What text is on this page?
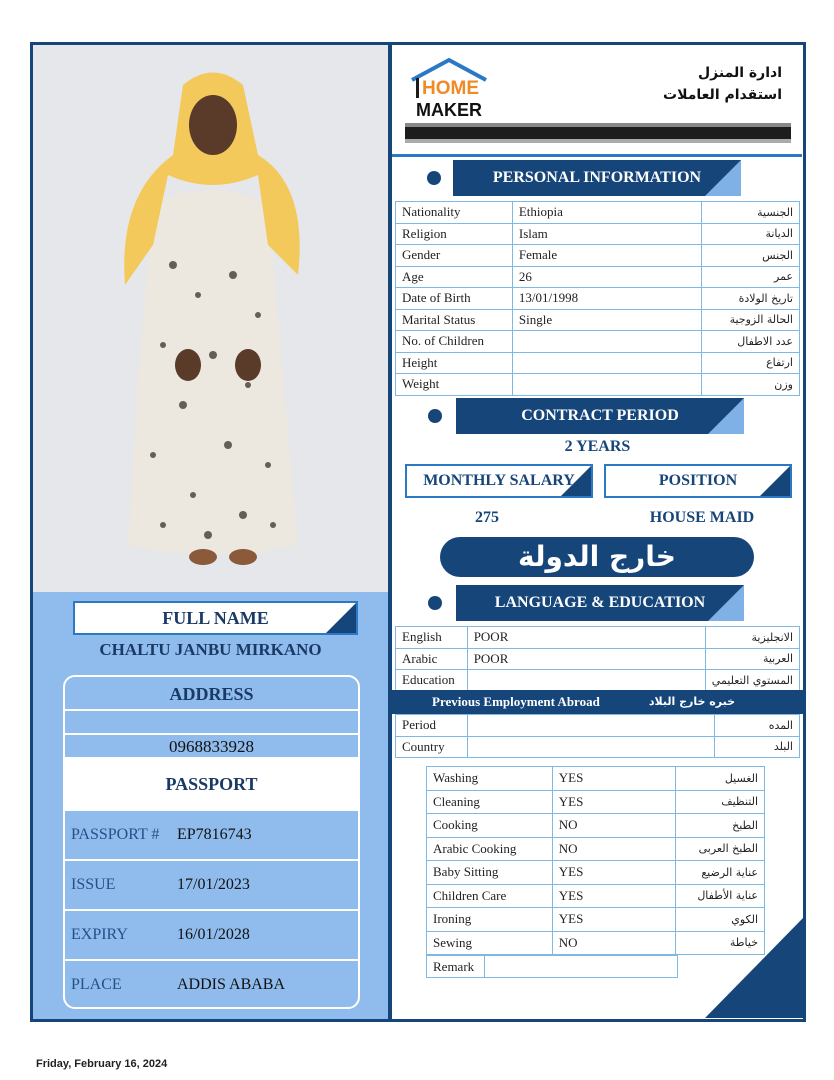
FULL NAME
CHALTU JANBU MIRKANO
ADDRESS
0968833928
PASSPORT
PASSPORT #	EP7816743
ISSUE	17/01/2023
EXPIRY	16/01/2028
PLACE	ADDIS ABABA
HOME
MAKER
ادارة المنزل
استقدام العاملات
PERSONAL INFORMATION
Nationality	Ethiopia	الجنسية
Religion	Islam	الديانة
Gender	Female	الجنس
Age	26	عمر
Date of Birth	13/01/1998	تاريخ الولادة
Marital Status	Single	الحالة الزوجية
No. of Children		عدد الاطفال
Height		ارتفاع
Weight		وزن
CONTRACT PERIOD
2 YEARS
MONTHLY SALARY	POSITION
275	HOUSE MAID
خارج الدولة
LANGUAGE & EDUCATION
English	POOR	الانجليزية
Arabic	POOR	العربية
Education		المستوي التعليمي
Previous Employment Abroad	خبره خارج البلاد
Period		المده
Country		البلد
Washing	YES	الغسيل
Cleaning	YES	التنظيف
Cooking	NO	الطبخ
Arabic Cooking	NO	الطبخ العربى
Baby Sitting	YES	عناية الرضيع
Children Care	YES	عناية الأطفال
Ironing	YES	الكوي
Sewing	NO	خياطة
Remark	
Friday, February 16, 2024
